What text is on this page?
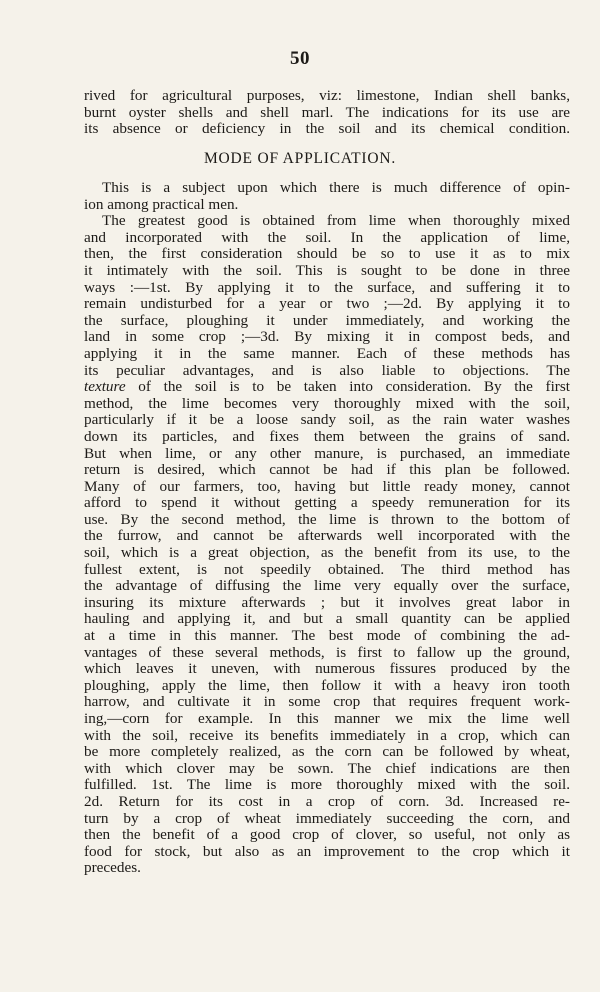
50
rived for agricultural purposes, viz: limestone, Indian shell banks,
burnt oyster shells and shell marl. The indications for its use are
its absence or deficiency in the soil and its chemical condition.
MODE OF APPLICATION.
This is a subject upon which there is much difference of opin-
ion among practical men.
The greatest good is obtained from lime when thoroughly mixed
and incorporated with the soil. In the application of lime,
then, the first consideration should be so to use it as to mix
it intimately with the soil. This is sought to be done in three
ways :—1st. By applying it to the surface, and suffering it to
remain undisturbed for a year or two ;—2d. By applying it to
the surface, ploughing it under immediately, and working the
land in some crop ;—3d. By mixing it in compost beds, and
applying it in the same manner. Each of these methods has
its peculiar advantages, and is also liable to objections. The
texture of the soil is to be taken into consideration. By the first
method, the lime becomes very thoroughly mixed with the soil,
particularly if it be a loose sandy soil, as the rain water washes
down its particles, and fixes them between the grains of sand.
But when lime, or any other manure, is purchased, an immediate
return is desired, which cannot be had if this plan be followed.
Many of our farmers, too, having but little ready money, cannot
afford to spend it without getting a speedy remuneration for its
use. By the second method, the lime is thrown to the bottom of
the furrow, and cannot be afterwards well incorporated with the
soil, which is a great objection, as the benefit from its use, to the
fullest extent, is not speedily obtained. The third method has
the advantage of diffusing the lime very equally over the surface,
insuring its mixture afterwards ; but it involves great labor in
hauling and applying it, and but a small quantity can be applied
at a time in this manner. The best mode of combining the ad-
vantages of these several methods, is first to fallow up the ground,
which leaves it uneven, with numerous fissures produced by the
ploughing, apply the lime, then follow it with a heavy iron tooth
harrow, and cultivate it in some crop that requires frequent work-
ing,—corn for example. In this manner we mix the lime well
with the soil, receive its benefits immediately in a crop, which can
be more completely realized, as the corn can be followed by wheat,
with which clover may be sown. The chief indications are then
fulfilled. 1st. The lime is more thoroughly mixed with the soil.
2d. Return for its cost in a crop of corn. 3d. Increased re-
turn by a crop of wheat immediately succeeding the corn, and
then the benefit of a good crop of clover, so useful, not only as
food for stock, but also as an improvement to the crop which it
precedes.
